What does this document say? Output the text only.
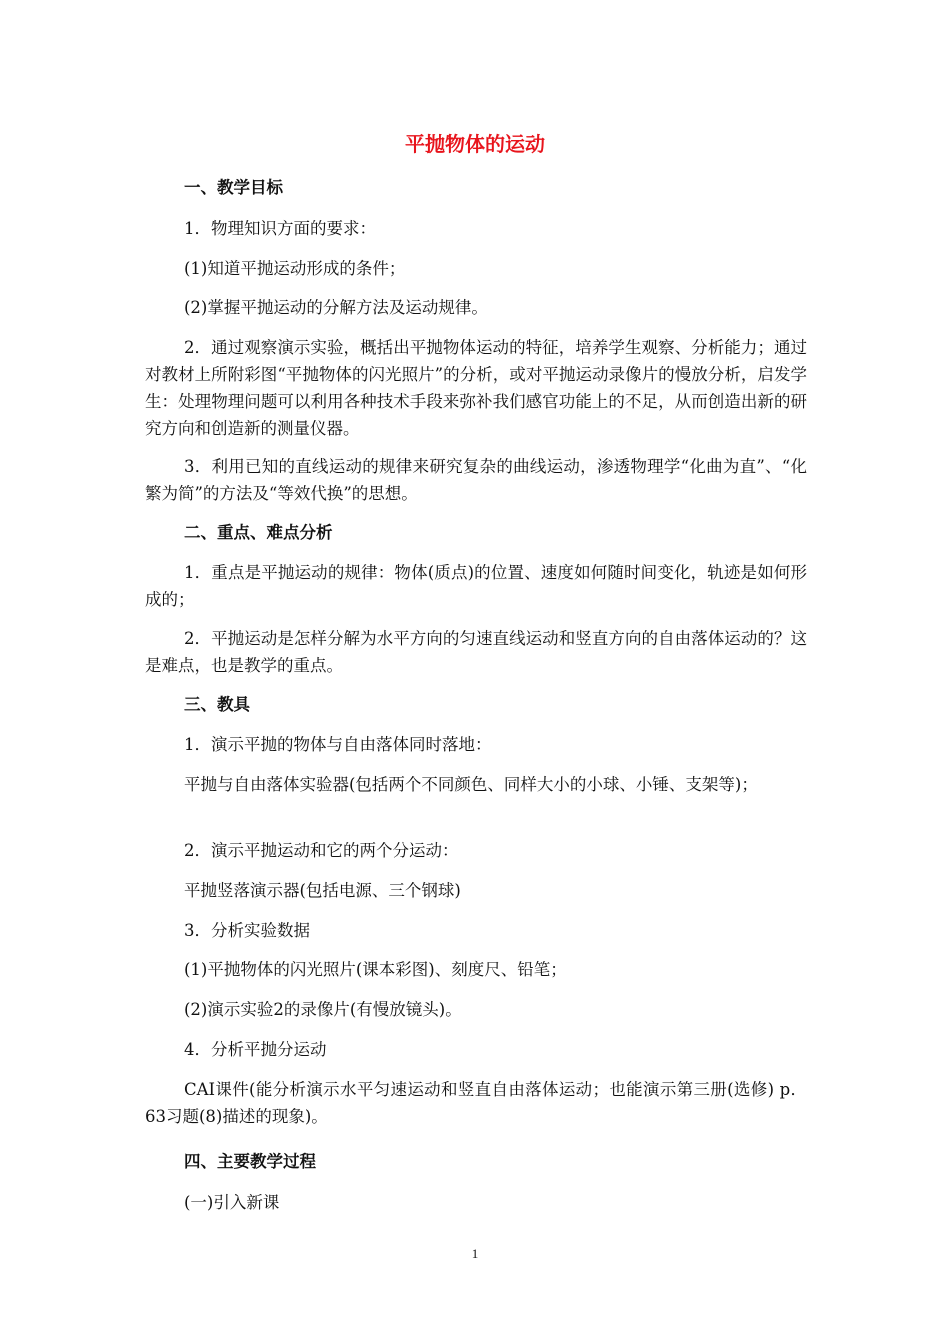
平抛物体的运动
一、教学目标
1．物理知识方面的要求：
(1)知道平抛运动形成的条件；
(2)掌握平抛运动的分解方法及运动规律。
2．通过观察演示实验，概括出平抛物体运动的特征，培养学生观察、分析能力；通过对教材上所附彩图“平抛物体的闪光照片”的分析，或对平抛运动录像片的慢放分析，启发学生：处理物理问题可以利用各种技术手段来弥补我们感官功能上的不足，从而创造出新的研究方向和创造新的测量仪器。
3．利用已知的直线运动的规律来研究复杂的曲线运动，渗透物理学“化曲为直”、“化繁为简”的方法及“等效代换”的思想。
二、重点、难点分析
1．重点是平抛运动的规律：物体(质点)的位置、速度如何随时间变化，轨迹是如何形成的；
2．平抛运动是怎样分解为水平方向的匀速直线运动和竖直方向的自由落体运动的？这是难点，也是教学的重点。
三、教具
1．演示平抛的物体与自由落体同时落地：
平抛与自由落体实验器(包括两个不同颜色、同样大小的小球、小锤、支架等)；
2．演示平抛运动和它的两个分运动：
平抛竖落演示器(包括电源、三个钢球)
3．分析实验数据
(1)平抛物体的闪光照片(课本彩图)、刻度尺、铅笔；
(2)演示实验2的录像片(有慢放镜头)。
4．分析平抛分运动
CAI课件(能分析演示水平匀速运动和竖直自由落体运动；也能演示第三册(选修) p．63习题(8)描述的现象)。
四、主要教学过程
(一)引入新课
1
